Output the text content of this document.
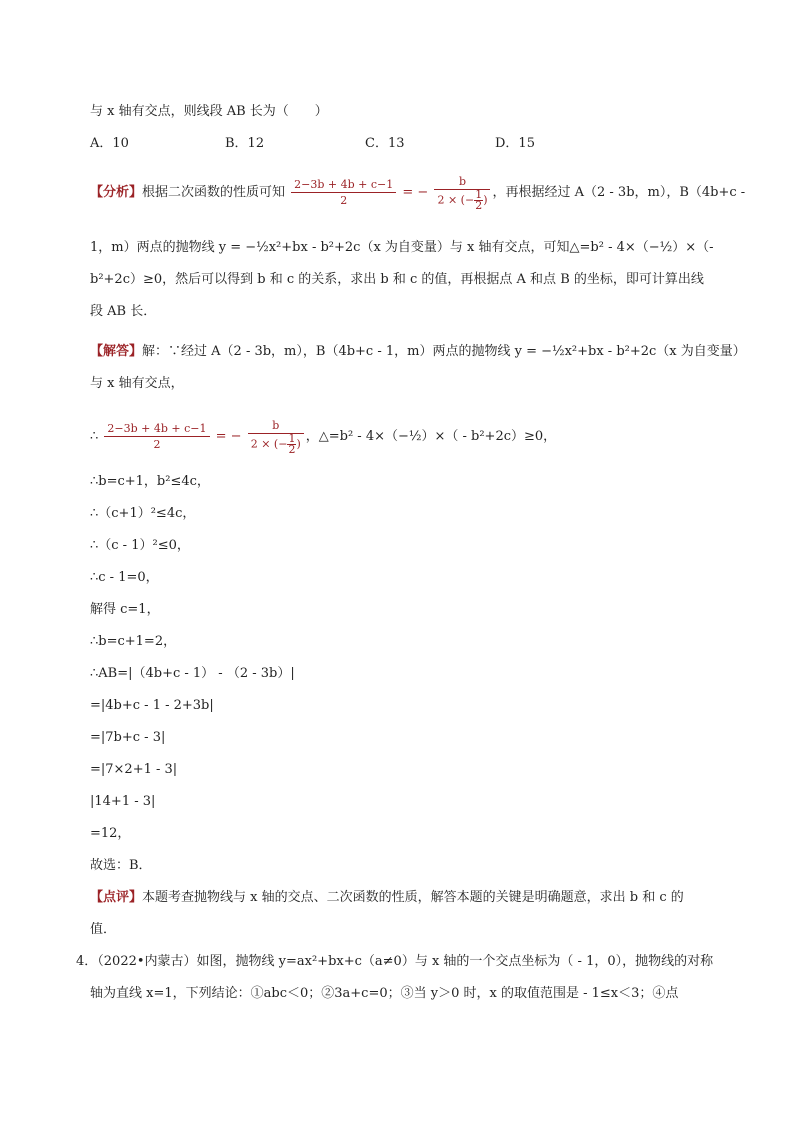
与 x 轴有交点，则线段 AB 长为（　　）
A．10	B．12	C．13	D．15
【分析】根据二次函数的性质可知 $\frac{2-3b + 4b + c-1}{2}$ = − $\frac{b}{2 \times (- \frac{1}{2} )}$ ，再根据经过 A（2 - 3b，m），B（4b+c -
1，m）两点的抛物线 y = −½x²+bx - b²+2c（x 为自变量）与 x 轴有交点，可知△=b² - 4×（−½）×（-
b²+2c）≥0，然后可以得到 b 和 c 的关系，求出 b 和 c 的值，再根据点 A 和点 B 的坐标，即可计算出线
段 AB 长．
【解答】解：∵经过 A（2 - 3b，m），B（4b+c - 1，m）两点的抛物线 y = −½x²+bx - b²+2c（x 为自变量）
与 x 轴有交点，
∴ $\frac{2-3b + 4b + c-1}{2}$ = − $\frac{b}{2 \times (- \frac{1}{2} )}$ ，△=b² - 4×（−½）×（ - b²+2c）≥0，
∴b=c+1，b²≤4c，
∴（c+1）²≤4c，
∴（c - 1）²≤0，
∴c - 1=0，
解得 c=1，
∴b=c+1=2，
∴AB=|（4b+c - 1） - （2 - 3b）|
=|4b+c - 1 - 2+3b|
=|7b+c - 3|
=|7×2+1 - 3|
|14+1 - 3|
=12，
故选：B．
【点评】本题考查抛物线与 x 轴的交点、二次函数的性质，解答本题的关键是明确题意，求出 b 和 c 的
值．
4．（2022•内蒙古）如图，抛物线 y=ax²+bx+c（a≠0）与 x 轴的一个交点坐标为（ - 1，0），抛物线的对称
轴为直线 x=1，下列结论：①abc＜0；②3a+c=0；③当 y＞0 时，x 的取值范围是 - 1≤x＜3；④点
